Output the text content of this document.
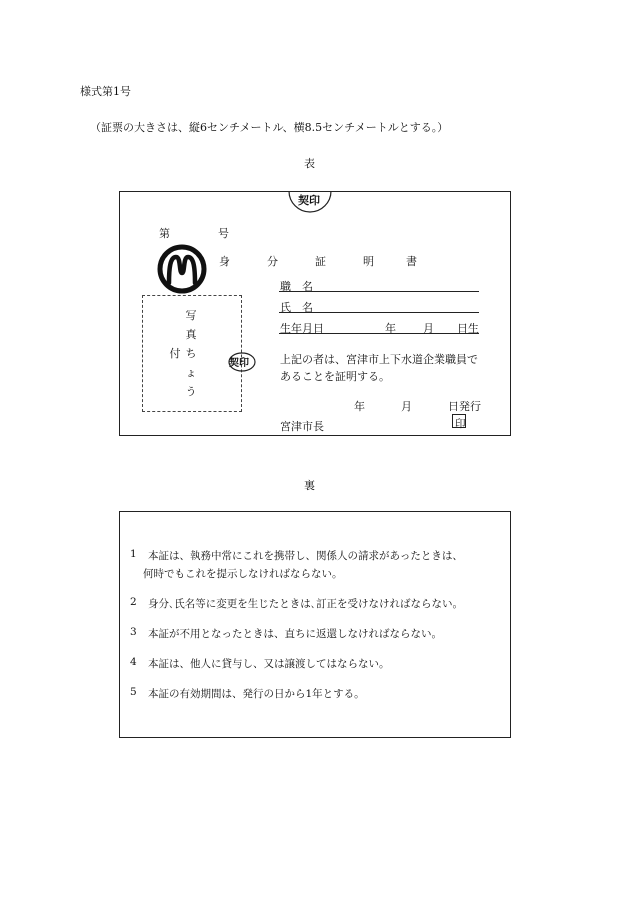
様式第1号
（証票の大きさは、縦6センチメートル、横8.5センチメートルとする。）
表
契印
第	号
身	分	証	明	書
職　名
氏　名
生年月日	年 月 日生
写真
ちょう
付
契印	上記の者は、宮津市上下水道企業職員で
あることを証明する。
年	月	日発行
宮津市長	印
裏
1 本証は、執務中常にこれを携帯し、関係人の請求があったときは、
何時でもこれを提示しなければならない。
2 身分､氏名等に変更を生じたときは､訂正を受けなければならない。
3 本証が不用となったときは、直ちに返還しなければならない。
4 本証は、他人に貸与し、又は譲渡してはならない。
5 本証の有効期間は、発行の日から1年とする。
